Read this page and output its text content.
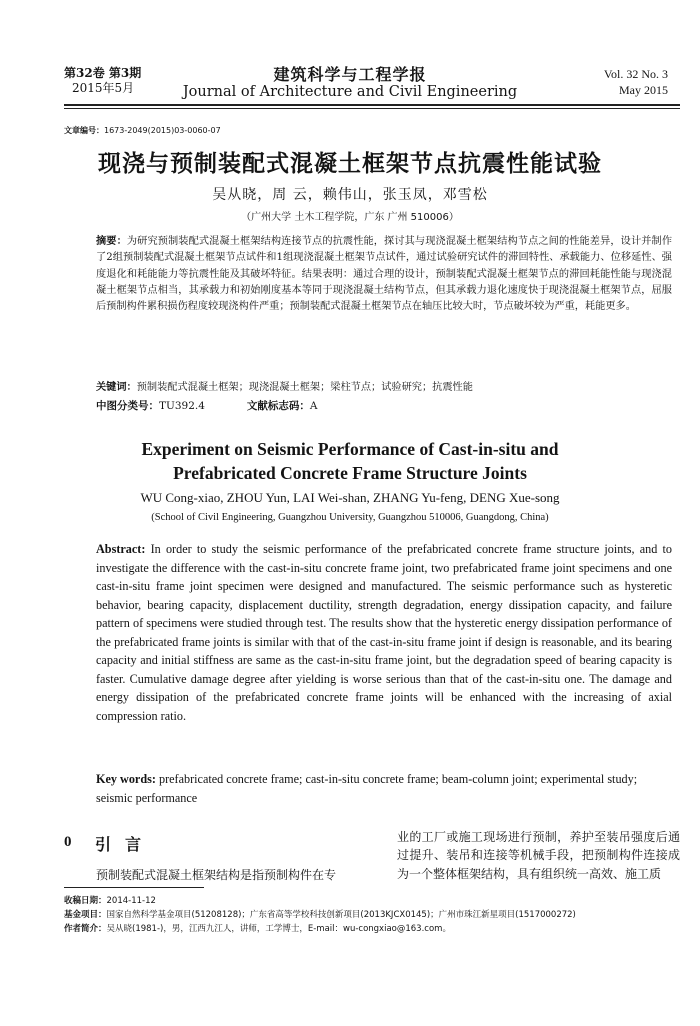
第32卷 第3期
2015年5月
建筑科学与工程学报
Journal of Architecture and Civil Engineering
Vol. 32 No. 3
May 2015
文章编号：1673-2049(2015)03-0060-07
现浇与预制装配式混凝土框架节点抗震性能试验
吴从晓，周 云，赖伟山，张玉凤，邓雪松
（广州大学 土木工程学院，广东 广州 510006）
摘要：为研究预制装配式混凝土框架结构连接节点的抗震性能，探讨其与现浇混凝土框架结构节点之间的性能差异，设计并制作了2组预制装配式混凝土框架节点试件和1组现浇混凝土框架节点试件，通过试验研究试件的滞回特性、承载能力、位移延性、强度退化和耗能能力等抗震性能及其破坏特征。结果表明：通过合理的设计，预制装配式混凝土框架节点的滞回耗能性能与现浇混凝土框架节点相当，其承载力和初始刚度基本等同于现浇混凝土结构节点，但其承载力退化速度快于现浇混凝土框架节点，屈服后预制构件累积损伤程度较现浇构件严重；预制装配式混凝土框架节点在轴压比较大时，节点破坏较为严重，耗能更多。
关键词：预制装配式混凝土框架；现浇混凝土框架；梁柱节点；试验研究；抗震性能
中图分类号：TU392.4	文献标志码：A
Experiment on Seismic Performance of Cast-in-situ and
Prefabricated Concrete Frame Structure Joints
WU Cong-xiao, ZHOU Yun, LAI Wei-shan, ZHANG Yu-feng, DENG Xue-song
(School of Civil Engineering, Guangzhou University, Guangzhou 510006, Guangdong, China)
Abstract: In order to study the seismic performance of the prefabricated concrete frame structure joints, and to investigate the difference with the cast-in-situ concrete frame joint, two prefabricated frame joint specimens and one cast-in-situ frame joint specimen were designed and manufactured. The seismic performance such as hysteretic behavior, bearing capacity, displacement ductility, strength degradation, energy dissipation capacity, and failure pattern of specimens were studied through test. The results show that the hysteretic energy dissipation performance of the prefabricated frame joints is similar with that of the cast-in-situ frame joint if design is reasonable, and its bearing capacity and initial stiffness are same as the cast-in-situ frame joint, but the degradation speed of bearing capacity is faster. Cumulative damage degree after yielding is worse serious than that of the cast-in-situ one. The damage and energy dissipation of the prefabricated concrete frame joints will be enhanced with the increasing of axial compression ratio.
Key words: prefabricated concrete frame; cast-in-situ concrete frame; beam-column joint; experimental study; seismic performance
0 引言
预制装配式混凝土框架结构是指预制构件在专
业的工厂或施工现场进行预制，养护至装吊强度后通过提升、装吊和连接等机械手段，把预制构件连接成为一个整体框架结构，具有组织统一高效、施工质
收稿日期：2014-11-12
基金项目：国家自然科学基金项目(51208128)；广东省高等学校科技创新项目(2013KJCX0145)；广州市珠江新星项目(1517000272)
作者简介：吴从晓(1981-)，男，江西九江人，讲师，工学博士，E-mail：wu-congxiao@163.com。
